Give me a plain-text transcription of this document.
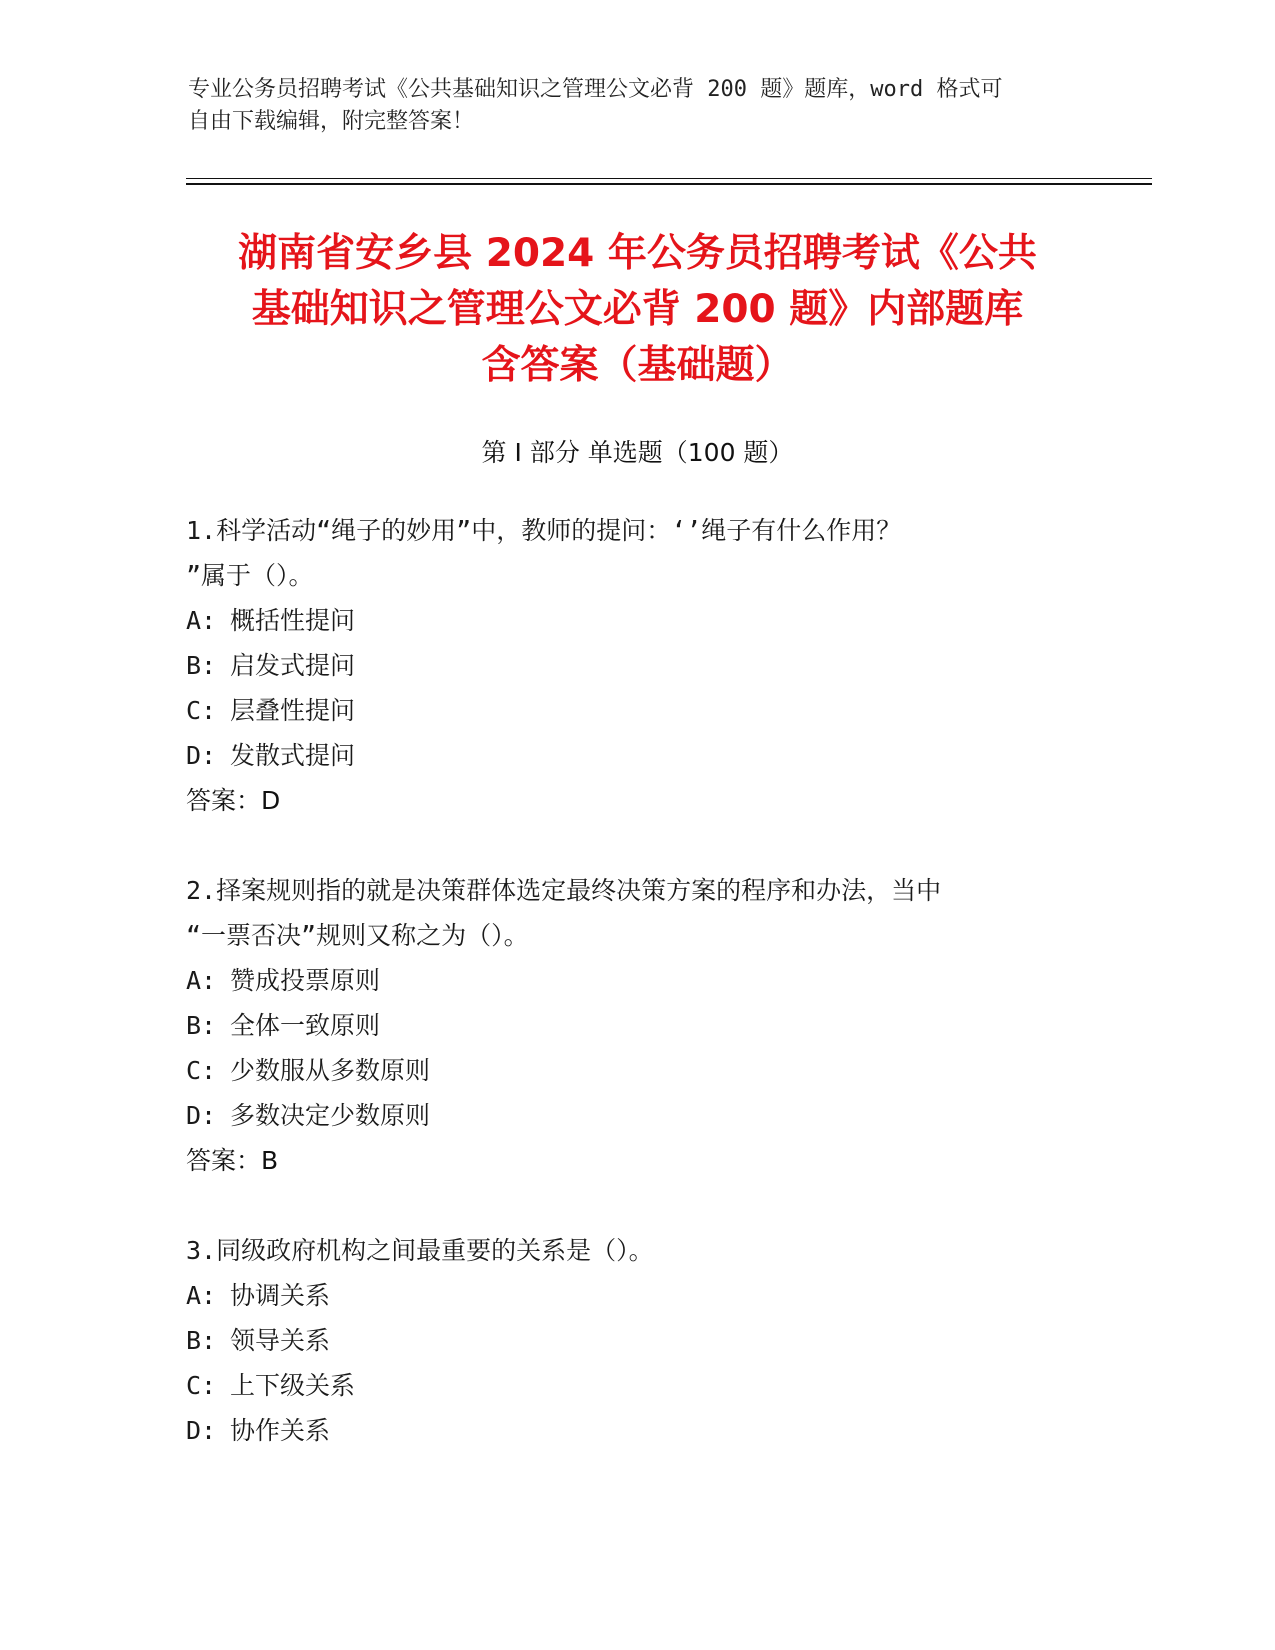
专业公务员招聘考试《公共基础知识之管理公文必背 200 题》题库，word 格式可
自由下载编辑，附完整答案！
湖南省安乡县 2024 年公务员招聘考试《公共
基础知识之管理公文必背 200 题》内部题库
含答案（基础题）
第 I 部分 单选题（100 题）
1.科学活动“绳子的妙用”中，教师的提问：‘’绳子有什么作用？
”属于（）。
A: 概括性提问
B: 启发式提问
C: 层叠性提问
D: 发散式提问
答案：D
2.择案规则指的就是决策群体选定最终决策方案的程序和办法，当中
“一票否决”规则又称之为（）。
A: 赞成投票原则
B: 全体一致原则
C: 少数服从多数原则
D: 多数决定少数原则
答案：B
3.同级政府机构之间最重要的关系是（）。
A: 协调关系
B: 领导关系
C: 上下级关系
D: 协作关系
